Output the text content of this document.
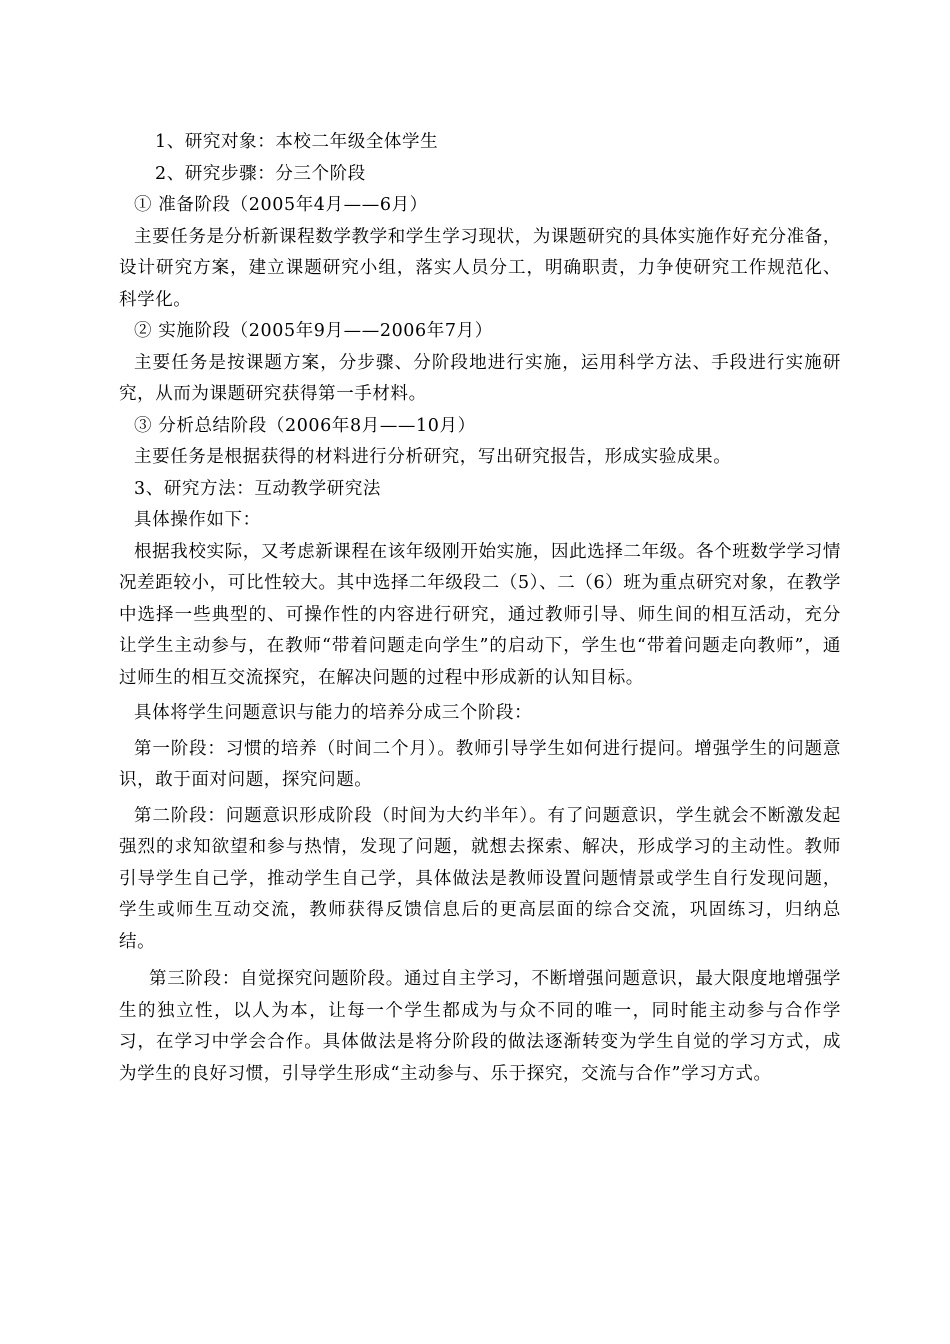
1、研究对象：本校二年级全体学生

2、研究步骤：分三个阶段

① 准备阶段（2005年4月——6月）

主要任务是分析新课程数学教学和学生学习现状，为课题研究的具体实施作好充分准备，设计研究方案，建立课题研究小组，落实人员分工，明确职责，力争使研究工作规范化、科学化。

② 实施阶段（2005年9月——2006年7月）

主要任务是按课题方案，分步骤、分阶段地进行实施，运用科学方法、手段进行实施研究，从而为课题研究获得第一手材料。

③ 分析总结阶段（2006年8月——10月）

主要任务是根据获得的材料进行分析研究，写出研究报告，形成实验成果。

3、研究方法：互动教学研究法

具体操作如下：

根据我校实际，又考虑新课程在该年级刚开始实施，因此选择二年级。各个班数学学习情况差距较小，可比性较大。其中选择二年级段二（5）、二（6）班为重点研究对象，在教学中选择一些典型的、可操作性的内容进行研究，通过教师引导、师生间的相互活动，充分让学生主动参与，在教师“带着问题走向学生”的启动下，学生也“带着问题走向教师”，通过师生的相互交流探究，在解决问题的过程中形成新的认知目标。

具体将学生问题意识与能力的培养分成三个阶段：

第一阶段：习惯的培养（时间二个月）。教师引导学生如何进行提问。增强学生的问题意识，敢于面对问题，探究问题。

第二阶段：问题意识形成阶段（时间为大约半年）。有了问题意识，学生就会不断激发起强烈的求知欲望和参与热情，发现了问题，就想去探索、解决，形成学习的主动性。教师引导学生自己学，推动学生自己学，具体做法是教师设置问题情景或学生自行发现问题，学生或师生互动交流，教师获得反馈信息后的更高层面的综合交流，巩固练习，归纳总结。

第三阶段：自觉探究问题阶段。通过自主学习，不断增强问题意识，最大限度地增强学生的独立性，以人为本，让每一个学生都成为与众不同的唯一，同时能主动参与合作学习，在学习中学会合作。具体做法是将分阶段的做法逐渐转变为学生自觉的学习方式，成为学生的良好习惯，引导学生形成“主动参与、乐于探究，交流与合作”学习方式。
